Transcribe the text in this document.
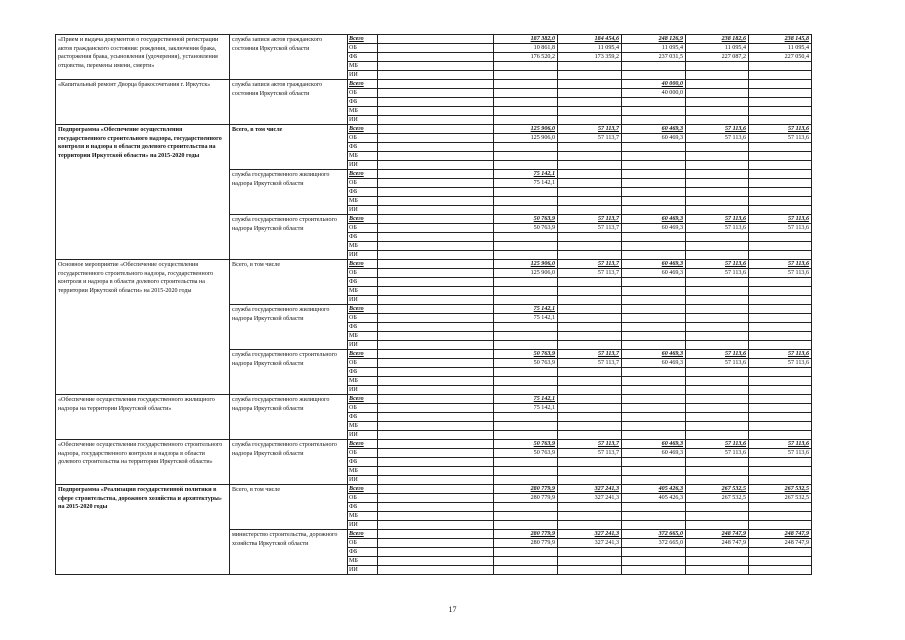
«Прием и выдача документов о государственной регистрации актов гражданского состояния: рождения, заключения брака, расторжения брака, усыновления (удочерения), установления отцовства, перемены имени, смерти»	служба записи актов гражданского состояния Иркутской области	Всего		187 382,0	184 454,6	248 126,9	238 182,6	238 145,8	
		ОБ		10 861,8	11 095,4	11 095,4	11 095,4	11 095,4	
		ФБ		176 520,2	173 359,2	237 031,5	227 087,2	227 050,4	
		МБ							
		ИИ							
«Капитальный ремонт Дворца бракосочетания г. Иркутск»	служба записи актов гражданского состояния Иркутской области	Всего				40 000,0			
		ОБ				40 000,0			
		ФБ							
		МБ							
		ИИ							
Подпрограмма «Обеспечение осуществления государственного строительного надзора, государственного контроля и надзора в области долевого строительства на территории Иркутской области» на 2015-2020 годы	Всего, в том числе	Всего		125 906,0	57 113,7	60 469,3	57 113,6	57 113,6	
		ОБ		125 906,0	57 113,7	60 469,3	57 113,6	57 113,6	
		ФБ							
		МБ							
		ИИ							
	служба государственного жилищного надзора Иркутской области	Всего		75 142,1					
		ОБ		75 142,1					
		ФБ							
		МБ							
		ИИ							
	служба государственного строительного надзора Иркутской области	Всего		50 763,9	57 113,7	60 469,3	57 113,6	57 113,6	
		ОБ		50 763,9	57 113,7	60 469,3	57 113,6	57 113,6	
		ФБ							
		МБ							
		ИИ							
Основное мероприятие «Обеспечение осуществления государственного строительного надзора, государственного контроля и надзора в области долевого строительства на территории Иркутской области» на 2015-2020 годы	Всего, в том числе	Всего		125 906,0	57 113,7	60 469,3	57 113,6	57 113,6	
		ОБ		125 906,0	57 113,7	60 469,3	57 113,6	57 113,6	
		ФБ							
		МБ							
		ИИ							
	служба государственного жилищного надзора Иркутской области	Всего		75 142,1					
		ОБ		75 142,1					
		ФБ							
		МБ							
		ИИ							
	служба государственного строительного надзора Иркутской области	Всего		50 763,9	57 113,7	60 469,3	57 113,6	57 113,6	
		ОБ		50 763,9	57 113,7	60 469,3	57 113,6	57 113,6	
		ФБ							
		МБ							
		ИИ							
«Обеспечение осуществления государственного жилищного надзора на территории Иркутской области»	служба государственного жилищного надзора Иркутской области	Всего		75 142,1					
		ОБ		75 142,1					
		ФБ							
		МБ							
		ИИ							
«Обеспечение осуществления государственного строительного надзора, государственного контроля и надзора в области долевого строительства на территории Иркутской области»	служба государственного строительного надзора Иркутской области	Всего		50 763,9	57 113,7	60 469,3	57 113,6	57 113,6	
		ОБ		50 763,9	57 113,7	60 469,3	57 113,6	57 113,6	
		ФБ							
		МБ							
		ИИ							
Подпрограмма «Реализация государственной политики в сфере строительства, дорожного хозяйства и архитектуры» на 2015-2020 годы	Всего, в том числе	Всего		280 779,9	327 241,3	405 426,3	267 532,5	267 532,5	
		ОБ		280 779,9	327 241,3	405 426,3	267 532,5	267 532,5	
		ФБ							
		МБ							
		ИИ							
	министерство строительства, дорожного хозяйства Иркутской области	Всего		280 779,9	327 241,3	372 665,0	248 747,9	248 747,9	
		ОБ		280 779,9	327 241,3	372 665,0	248 747,9	248 747,9	
		ФБ							
		МБ							
		ИИ							
17
